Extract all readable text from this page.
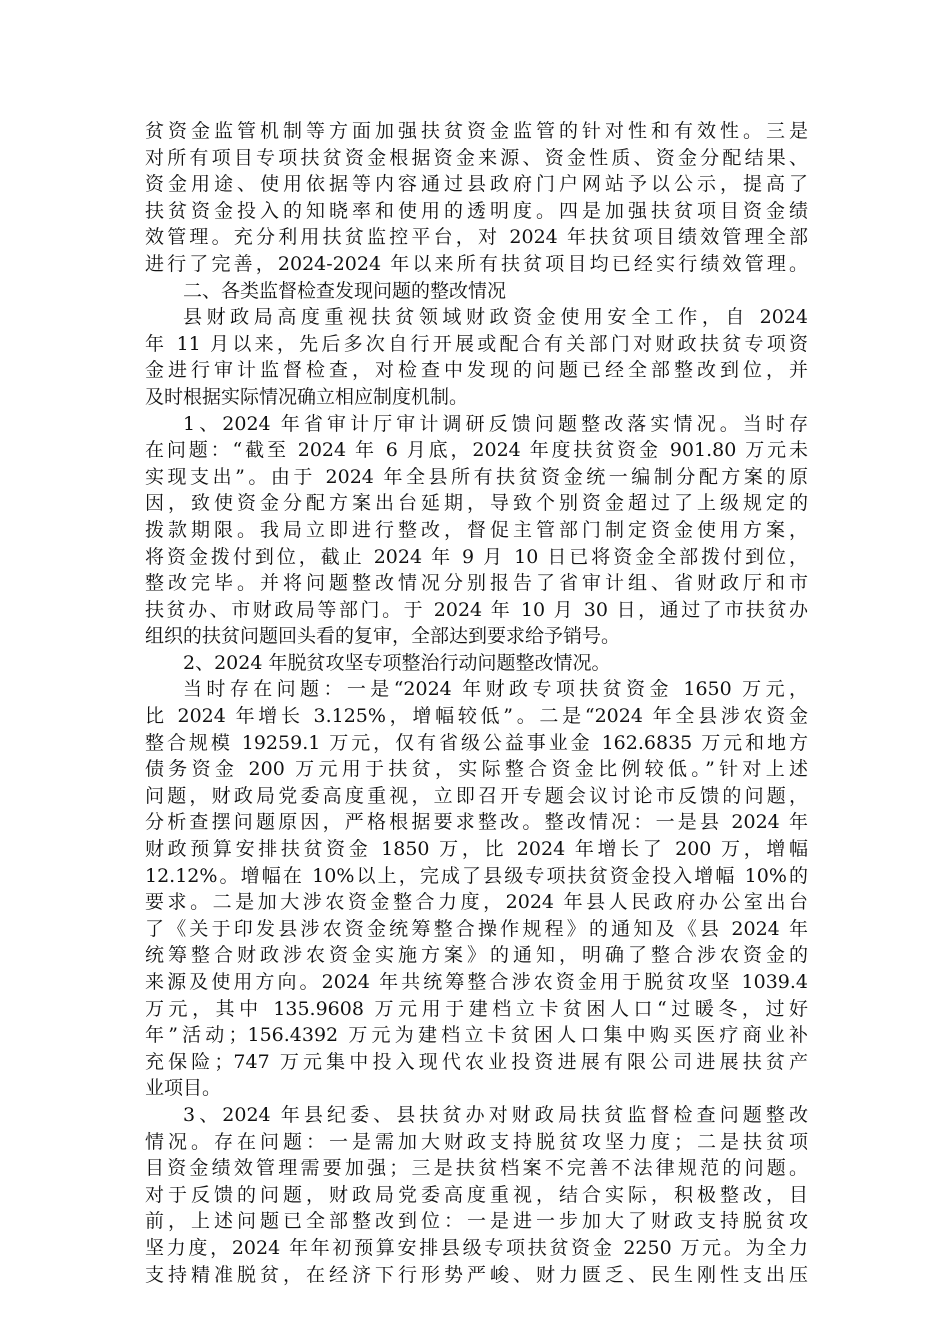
贫资金监管机制等方面加强扶贫资金监管的针对性和有效性。三是
对所有项目专项扶贫资金根据资金来源、资金性质、资金分配结果、
资金用途、使用依据等内容通过县政府门户网站予以公示，提高了
扶贫资金投入的知晓率和使用的透明度。四是加强扶贫项目资金绩
效管理。充分利用扶贫监控平台，对 2024 年扶贫项目绩效管理全部
进行了完善，2024-2024 年以来所有扶贫项目均已经实行绩效管理。
二、各类监督检查发现问题的整改情况
县财政局高度重视扶贫领域财政资金使用安全工作，自 2024
年 11 月以来，先后多次自行开展或配合有关部门对财政扶贫专项资
金进行审计监督检查，对检查中发现的问题已经全部整改到位，并
及时根据实际情况确立相应制度机制。
1、2024 年省审计厅审计调研反馈问题整改落实情况。当时存
在问题：“截至 2024 年 6 月底，2024 年度扶贫资金 901.80 万元未
实现支出”。由于 2024 年全县所有扶贫资金统一编制分配方案的原
因，致使资金分配方案出台延期，导致个别资金超过了上级规定的
拨款期限。我局立即进行整改，督促主管部门制定资金使用方案，
将资金拨付到位，截止 2024 年 9 月 10 日已将资金全部拨付到位，
整改完毕。并将问题整改情况分别报告了省审计组、省财政厅和市
扶贫办、市财政局等部门。于 2024 年 10 月 30 日，通过了市扶贫办
组织的扶贫问题回头看的复审，全部达到要求给予销号。
2、2024 年脱贫攻坚专项整治行动问题整改情况。
当时存在问题：一是“2024 年财政专项扶贫资金 1650 万元，
比 2024 年增长 3.125%，增幅较低”。二是“2024 年全县涉农资金
整合规模 19259.1 万元，仅有省级公益事业金 162.6835 万元和地方
债务资金 200 万元用于扶贫，实际整合资金比例较低。”针对上述
问题，财政局党委高度重视，立即召开专题会议讨论市反馈的问题，
分析查摆问题原因，严格根据要求整改。整改情况：一是县 2024 年
财政预算安排扶贫资金 1850 万，比 2024 年增长了 200 万，增幅
12.12%。增幅在 10%以上，完成了县级专项扶贫资金投入增幅 10%的
要求。二是加大涉农资金整合力度，2024 年县人民政府办公室出台
了《关于印发县涉农资金统筹整合操作规程》的通知及《县 2024 年
统筹整合财政涉农资金实施方案》的通知，明确了整合涉农资金的
来源及使用方向。2024 年共统筹整合涉农资金用于脱贫攻坚 1039.4
万元，其中 135.9608 万元用于建档立卡贫困人口“过暖冬，过好
年”活动；156.4392 万元为建档立卡贫困人口集中购买医疗商业补
充保险；747 万元集中投入现代农业投资进展有限公司进展扶贫产
业项目。
3、2024 年县纪委、县扶贫办对财政局扶贫监督检查问题整改
情况。存在问题：一是需加大财政支持脱贫攻坚力度；二是扶贫项
目资金绩效管理需要加强；三是扶贫档案不完善不法律规范的问题。
对于反馈的问题，财政局党委高度重视，结合实际，积极整改，目
前，上述问题已全部整改到位：一是进一步加大了财政支持脱贫攻
坚力度，2024 年年初预算安排县级专项扶贫资金 2250 万元。为全力
支持精准脱贫，在经济下行形势严峻、财力匮乏、民生刚性支出压
